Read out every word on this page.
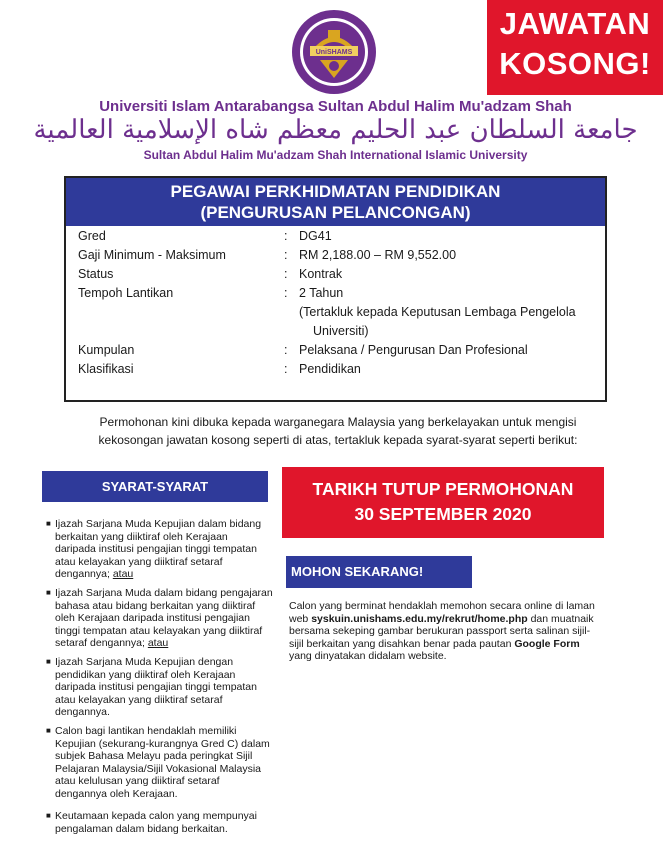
JAWATAN
KOSONG!
UniSHAMS
Universiti Islam Antarabangsa Sultan Abdul Halim Mu'adzam Shah
جامعة السلطان عبد الحليم معظم شاه الإسلامية العالمية
Sultan Abdul Halim Mu'adzam Shah International Islamic University
PEGAWAI PERKHIDMATAN PENDIDIKAN
(PENGURUSAN PELANCONGAN)
Gred	: DG41
Gaji Minimum - Maksimum	: RM 2,188.00 – RM 9,552.00
Status	: Kontrak
Tempoh Lantikan	: 2 Tahun
(Tertakluk kepada Keputusan Lembaga Pengelola
Universiti)
Kumpulan	: Pelaksana / Pengurusan Dan Profesional
Klasifikasi	: Pendidikan
Permohonan kini dibuka kepada warganegara Malaysia yang berkelayakan untuk mengisi
kekosongan jawatan kosong seperti di atas, tertakluk kepada syarat-syarat seperti berikut:
SYARAT-SYARAT
■ Ijazah Sarjana Muda Kepujian dalam bidang
berkaitan yang diiktiraf oleh Kerajaan
daripada institusi pengajian tinggi tempatan
atau kelayakan yang diiktiraf setaraf
dengannya; atau
■ Ijazah Sarjana Muda dalam bidang pengajaran
bahasa atau bidang berkaitan yang diiktiraf
oleh Kerajaan daripada institusi pengajian
tinggi tempatan atau kelayakan yang diiktiraf
setaraf dengannya; atau
■ Ijazah Sarjana Muda Kepujian dengan
pendidikan yang diiktiraf oleh Kerajaan
daripada institusi pengajian tinggi tempatan
atau kelayakan yang diiktiraf setaraf
dengannya.
■ Calon bagi lantikan hendaklah memiliki
Kepujian (sekurang-kurangnya Gred C) dalam
subjek Bahasa Melayu pada peringkat Sijil
Pelajaran Malaysia/Sijil Vokasional Malaysia
atau kelulusan yang diiktiraf setaraf
dengannya oleh Kerajaan.
■ Keutamaan kepada calon yang mempunyai
pengalaman dalam bidang berkaitan.
TARIKH TUTUP PERMOHONAN
30 SEPTEMBER 2020
MOHON SEKARANG!
Calon yang berminat hendaklah memohon secara online di laman
web syskuin.unishams.edu.my/rekrut/home.php dan muatnaik
bersama sekeping gambar berukuran passport serta salinan sijil-
sijil berkaitan yang disahkan benar pada pautan Google Form
yang dinyatakan didalam website.
